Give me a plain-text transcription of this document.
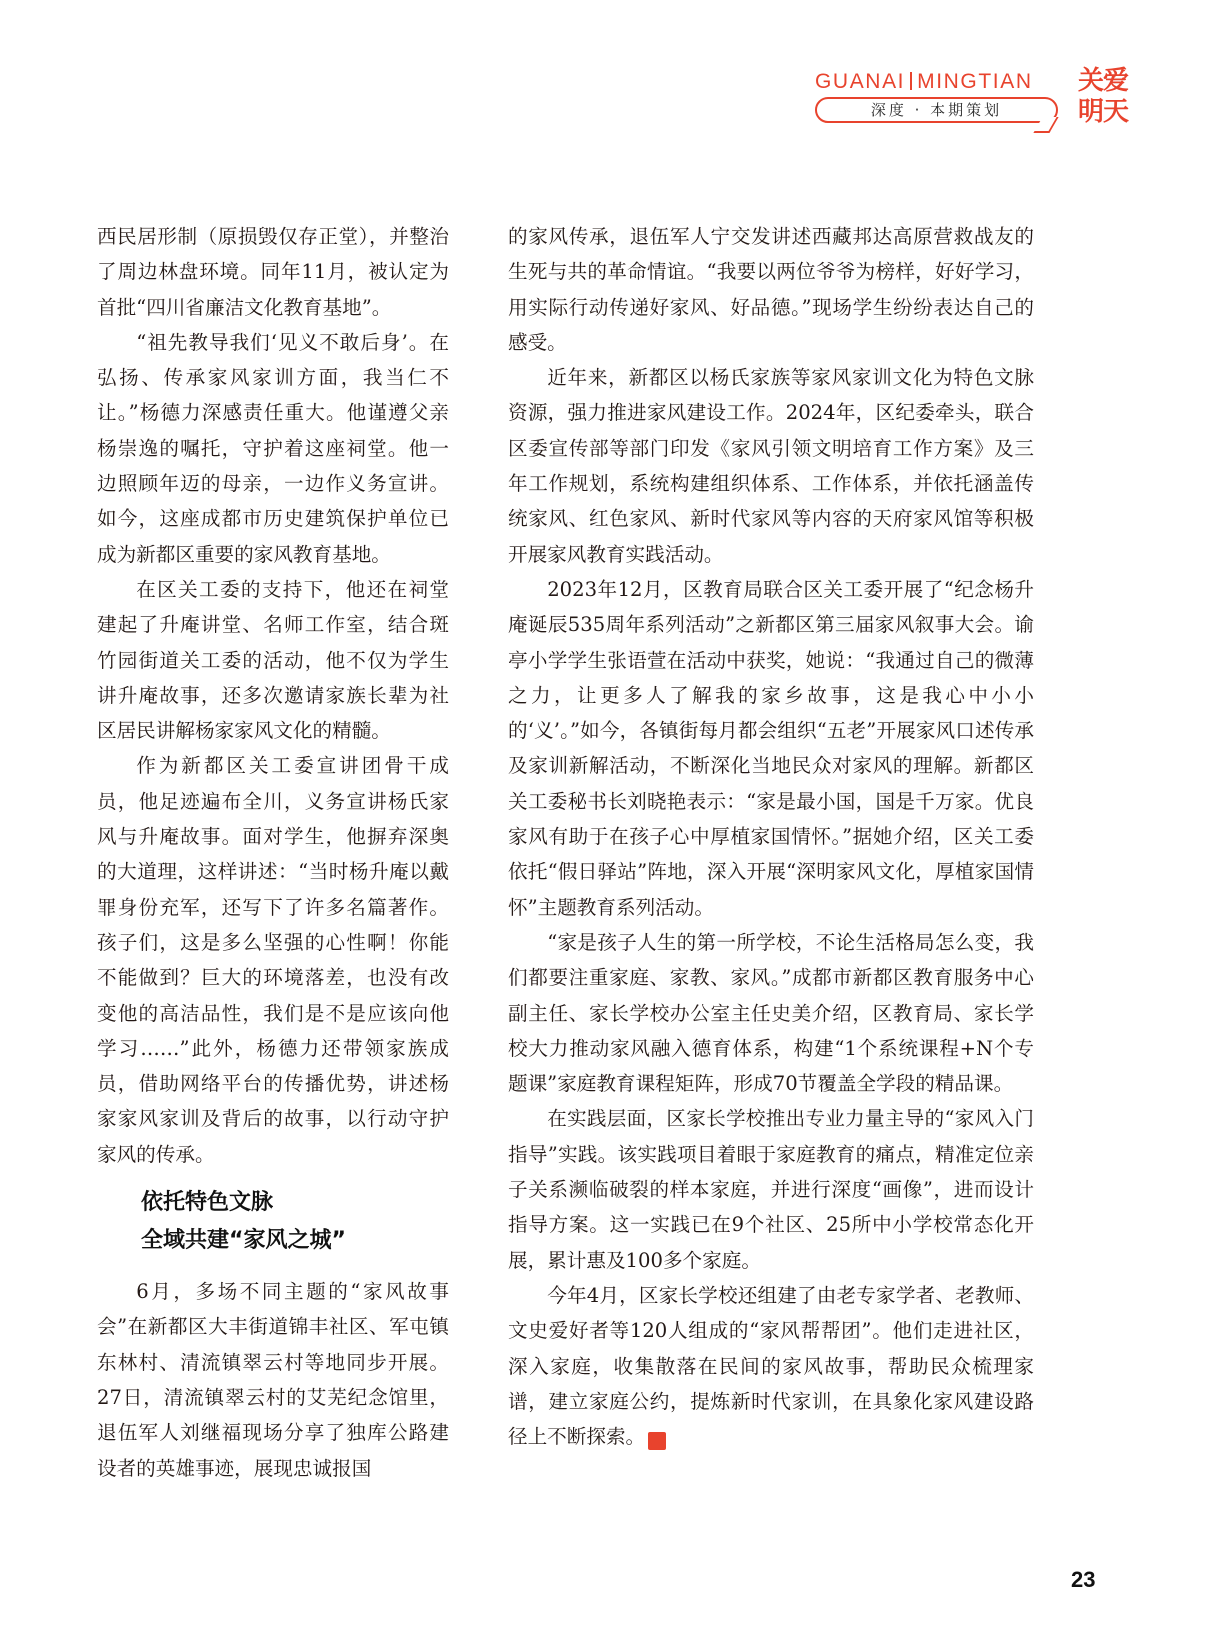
GUANAI MINGTIAN
深度 · 本期策划
关爱
明天

西民居形制（原损毁仅存正堂），并整治了周边林盘环境。同年11月，被认定为首批“四川省廉洁文化教育基地”。

“祖先教导我们‘见义不敢后身’。在弘扬、传承家风家训方面，我当仁不让。”杨德力深感责任重大。他谨遵父亲杨崇逸的嘱托，守护着这座祠堂。他一边照顾年迈的母亲，一边作义务宣讲。如今，这座成都市历史建筑保护单位已成为新都区重要的家风教育基地。

在区关工委的支持下，他还在祠堂建起了升庵讲堂、名师工作室，结合斑竹园街道关工委的活动，他不仅为学生讲升庵故事，还多次邀请家族长辈为社区居民讲解杨家家风文化的精髓。

作为新都区关工委宣讲团骨干成员，他足迹遍布全川，义务宣讲杨氏家风与升庵故事。面对学生，他摒弃深奥的大道理，这样讲述：“当时杨升庵以戴罪身份充军，还写下了许多名篇著作。孩子们，这是多么坚强的心性啊！你能不能做到？巨大的环境落差，也没有改变他的高洁品性，我们是不是应该向他学习……”此外，杨德力还带领家族成员，借助网络平台的传播优势，讲述杨家家风家训及背后的故事，以行动守护家风的传承。

依托特色文脉
全域共建“家风之城”

6月，多场不同主题的“家风故事会”在新都区大丰街道锦丰社区、军屯镇东林村、清流镇翠云村等地同步开展。27日，清流镇翠云村的艾芜纪念馆里，退伍军人刘继福现场分享了独库公路建设者的英雄事迹，展现忠诚报国

的家风传承，退伍军人宁交发讲述西藏邦达高原营救战友的生死与共的革命情谊。“我要以两位爷爷为榜样，好好学习，用实际行动传递好家风、好品德。”现场学生纷纷表达自己的感受。

近年来，新都区以杨氏家族等家风家训文化为特色文脉资源，强力推进家风建设工作。2024年，区纪委牵头，联合区委宣传部等部门印发《家风引领文明培育工作方案》及三年工作规划，系统构建组织体系、工作体系，并依托涵盖传统家风、红色家风、新时代家风等内容的天府家风馆等积极开展家风教育实践活动。

2023年12月，区教育局联合区关工委开展了“纪念杨升庵诞辰535周年系列活动”之新都区第三届家风叙事大会。谕亭小学学生张语萱在活动中获奖，她说：“我通过自己的微薄之力，让更多人了解我的家乡故事，这是我心中小小的‘义’。”如今，各镇街每月都会组织“五老”开展家风口述传承及家训新解活动，不断深化当地民众对家风的理解。新都区关工委秘书长刘晓艳表示：“家是最小国，国是千万家。优良家风有助于在孩子心中厚植家国情怀。”据她介绍，区关工委依托“假日驿站”阵地，深入开展“深明家风文化，厚植家国情怀”主题教育系列活动。

“家是孩子人生的第一所学校，不论生活格局怎么变，我们都要注重家庭、家教、家风。”成都市新都区教育服务中心副主任、家长学校办公室主任史美介绍，区教育局、家长学校大力推动家风融入德育体系，构建“1个系统课程+N个专题课”家庭教育课程矩阵，形成70节覆盖全学段的精品课。

在实践层面，区家长学校推出专业力量主导的“家风入门指导”实践。该实践项目着眼于家庭教育的痛点，精准定位亲子关系濒临破裂的样本家庭，并进行深度“画像”，进而设计指导方案。这一实践已在9个社区、25所中小学校常态化开展，累计惠及100多个家庭。

今年4月，区家长学校还组建了由老专家学者、老教师、文史爱好者等120人组成的“家风帮帮团”。他们走进社区，深入家庭，收集散落在民间的家风故事，帮助民众梳理家谱，建立家庭公约，提炼新时代家训，在具象化家风建设路径上不断探索。	天

23
